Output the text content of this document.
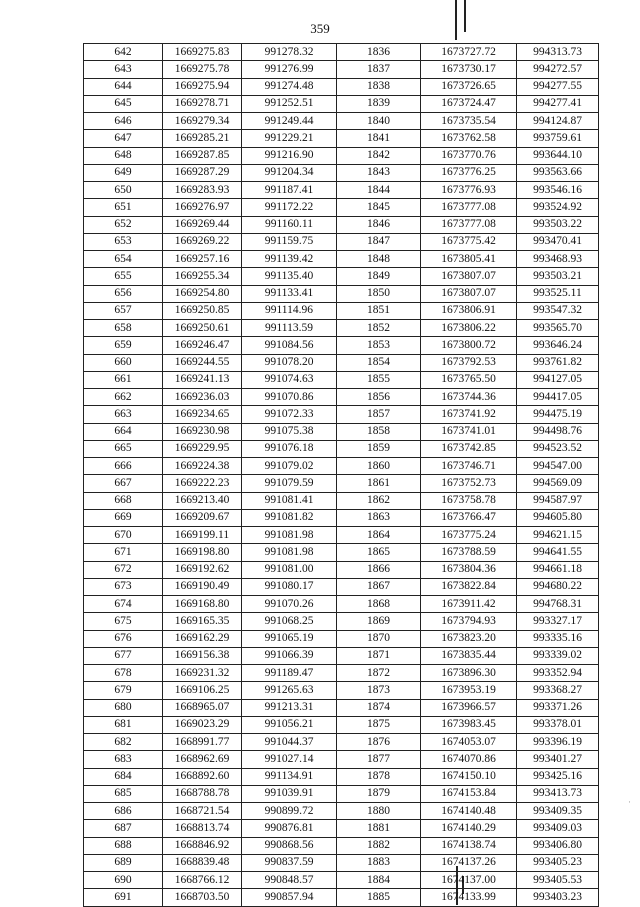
359
642	1669275.83	991278.32	1836	1673727.72	994313.73
643	1669275.78	991276.99	1837	1673730.17	994272.57
644	1669275.94	991274.48	1838	1673726.65	994277.55
645	1669278.71	991252.51	1839	1673724.47	994277.41
646	1669279.34	991249.44	1840	1673735.54	994124.87
647	1669285.21	991229.21	1841	1673762.58	993759.61
648	1669287.85	991216.90	1842	1673770.76	993644.10
649	1669287.29	991204.34	1843	1673776.25	993563.66
650	1669283.93	991187.41	1844	1673776.93	993546.16
651	1669276.97	991172.22	1845	1673777.08	993524.92
652	1669269.44	991160.11	1846	1673777.08	993503.22
653	1669269.22	991159.75	1847	1673775.42	993470.41
654	1669257.16	991139.42	1848	1673805.41	993468.93
655	1669255.34	991135.40	1849	1673807.07	993503.21
656	1669254.80	991133.41	1850	1673807.07	993525.11
657	1669250.85	991114.96	1851	1673806.91	993547.32
658	1669250.61	991113.59	1852	1673806.22	993565.70
659	1669246.47	991084.56	1853	1673800.72	993646.24
660	1669244.55	991078.20	1854	1673792.53	993761.82
661	1669241.13	991074.63	1855	1673765.50	994127.05
662	1669236.03	991070.86	1856	1673744.36	994417.05
663	1669234.65	991072.33	1857	1673741.92	994475.19
664	1669230.98	991075.38	1858	1673741.01	994498.76
665	1669229.95	991076.18	1859	1673742.85	994523.52
666	1669224.38	991079.02	1860	1673746.71	994547.00
667	1669222.23	991079.59	1861	1673752.73	994569.09
668	1669213.40	991081.41	1862	1673758.78	994587.97
669	1669209.67	991081.82	1863	1673766.47	994605.80
670	1669199.11	991081.98	1864	1673775.24	994621.15
671	1669198.80	991081.98	1865	1673788.59	994641.55
672	1669192.62	991081.00	1866	1673804.36	994661.18
673	1669190.49	991080.17	1867	1673822.84	994680.22
674	1669168.80	991070.26	1868	1673911.42	994768.31
675	1669165.35	991068.25	1869	1673794.93	993327.17
676	1669162.29	991065.19	1870	1673823.20	993335.16
677	1669156.38	991066.39	1871	1673835.44	993339.02
678	1669231.32	991189.47	1872	1673896.30	993352.94
679	1669106.25	991265.63	1873	1673953.19	993368.27
680	1668965.07	991213.31	1874	1673966.57	993371.26
681	1669023.29	991056.21	1875	1673983.45	993378.01
682	1668991.77	991044.37	1876	1674053.07	993396.19
683	1668962.69	991027.14	1877	1674070.86	993401.27
684	1668892.60	991134.91	1878	1674150.10	993425.16
685	1668788.78	991039.91	1879	1674153.84	993413.73
686	1668721.54	990899.72	1880	1674140.48	993409.35
687	1668813.74	990876.81	1881	1674140.29	993409.03
688	1668846.92	990868.56	1882	1674138.74	993406.80
689	1668839.48	990837.59	1883	1674137.26	993405.23
690	1668766.12	990848.57	1884	1674137.00	993405.53
691	1668703.50	990857.94	1885	1674133.99	993403.23
·
